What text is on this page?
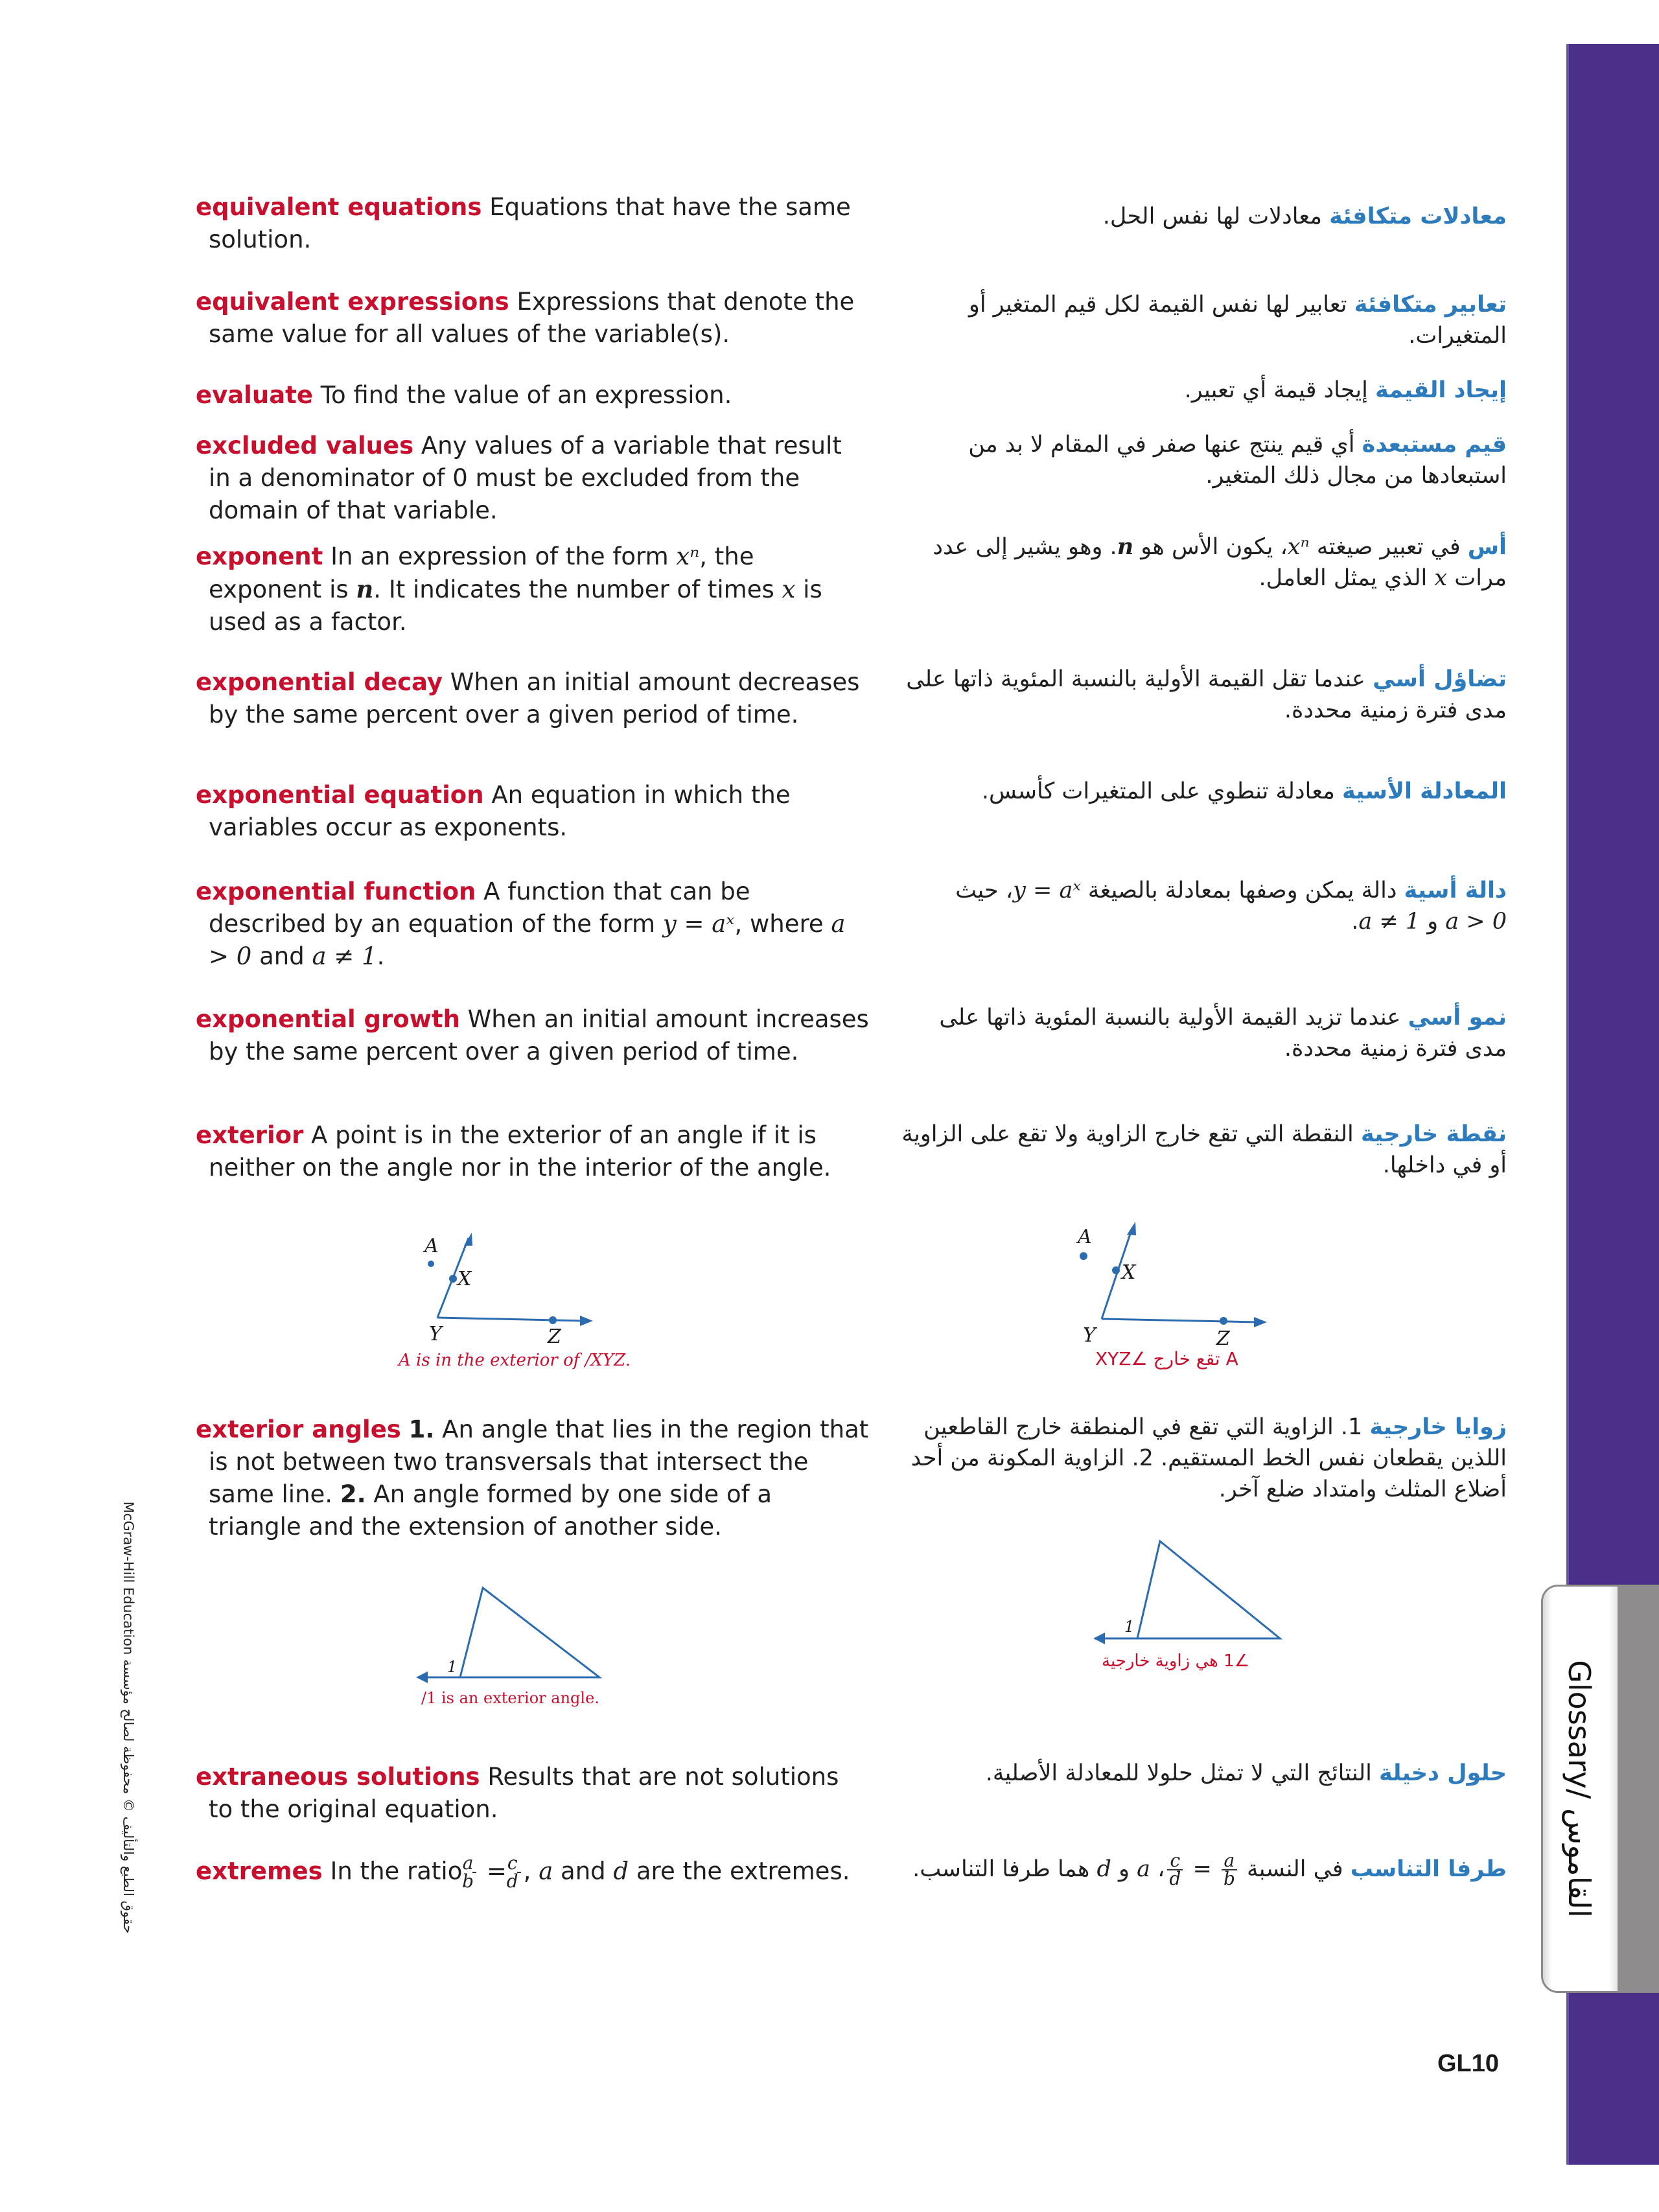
Glossary/ القاموس
McGraw-Hill Education حقوق الطبع والتأليف © محفوظة لصالح مؤسسة
GL10
equivalent equations Equations that have the same solution.
معادلات متكافئة معادلات لها نفس الحل.
equivalent expressions Expressions that denote the same value for all values of the variable(s).
تعابير متكافئة تعابير لها نفس القيمة لكل قيم المتغير أو المتغيرات.
evaluate To find the value of an expression.	إيجاد القيمة إيجاد قيمة أي تعبير.
excluded values Any values of a variable that result in a denominator of 0 must be excluded from the domain of that variable.
قيم مستبعدة أي قيم ينتج عنها صفر في المقام لا بد من استبعادها من مجال ذلك المتغير.
exponent In an expression of the form xⁿ, the exponent is n. It indicates the number of times x is used as a factor.
أس في تعبير صيغته xⁿ، يكون الأس هو n. وهو يشير إلى عدد مرات x الذي يمثل العامل.
exponential decay When an initial amount decreases by the same percent over a given period of time.
تضاؤل أسي عندما تقل القيمة الأولية بالنسبة المئوية ذاتها على مدى فترة زمنية محددة.
exponential equation An equation in which the variables occur as exponents.
المعادلة الأسية معادلة تنطوي على المتغيرات كأسس.
exponential function A function that can be described by an equation of the form y = aˣ, where a > 0 and a ≠ 1.
دالة أسية دالة يمكن وصفها بمعادلة بالصيغة y = aˣ، حيث
a > 0 و a ≠ 1.
exponential growth When an initial amount increases by the same percent over a given period of time.
نمو أسي عندما تزيد القيمة الأولية بالنسبة المئوية ذاتها على مدى فترة زمنية محددة.
exterior A point is in the exterior of an angle if it is neither on the angle nor in the interior of the angle.
نقطة خارجية النقطة التي تقع خارج الزاوية ولا تقع على الزاوية أو في داخلها.
A
X
Y	Z
A is in the exterior of /XYZ.
A
X
Y	Z
A تقع خارج ∠XYZ
exterior angles 1. An angle that lies in the region that is not between two transversals that intersect the same line. 2. An angle formed by one side of a triangle and the extension of another side.
زوايا خارجية 1. الزاوية التي تقع في المنطقة خارج القاطعين اللذين يقطعان نفس الخط المستقيم. 2. الزاوية المكونة من أحد أضلاع المثلث وامتداد ضلع آخر.
1
/1 is an exterior angle.
1
∠1 هي زاوية خارجية
extraneous solutions Results that are not solutions to the original equation.
حلول دخيلة النتائج التي لا تمثل حلولا للمعادلة الأصلية.
extremes In the ratio $\frac{a}{b} = \frac{c}{d}$ , a and d are the extremes.	طرفا التناسب في النسبة
$\frac{a}{b}$
=
$\frac{c}{d}$
، a و d هما طرفا التناسب.
